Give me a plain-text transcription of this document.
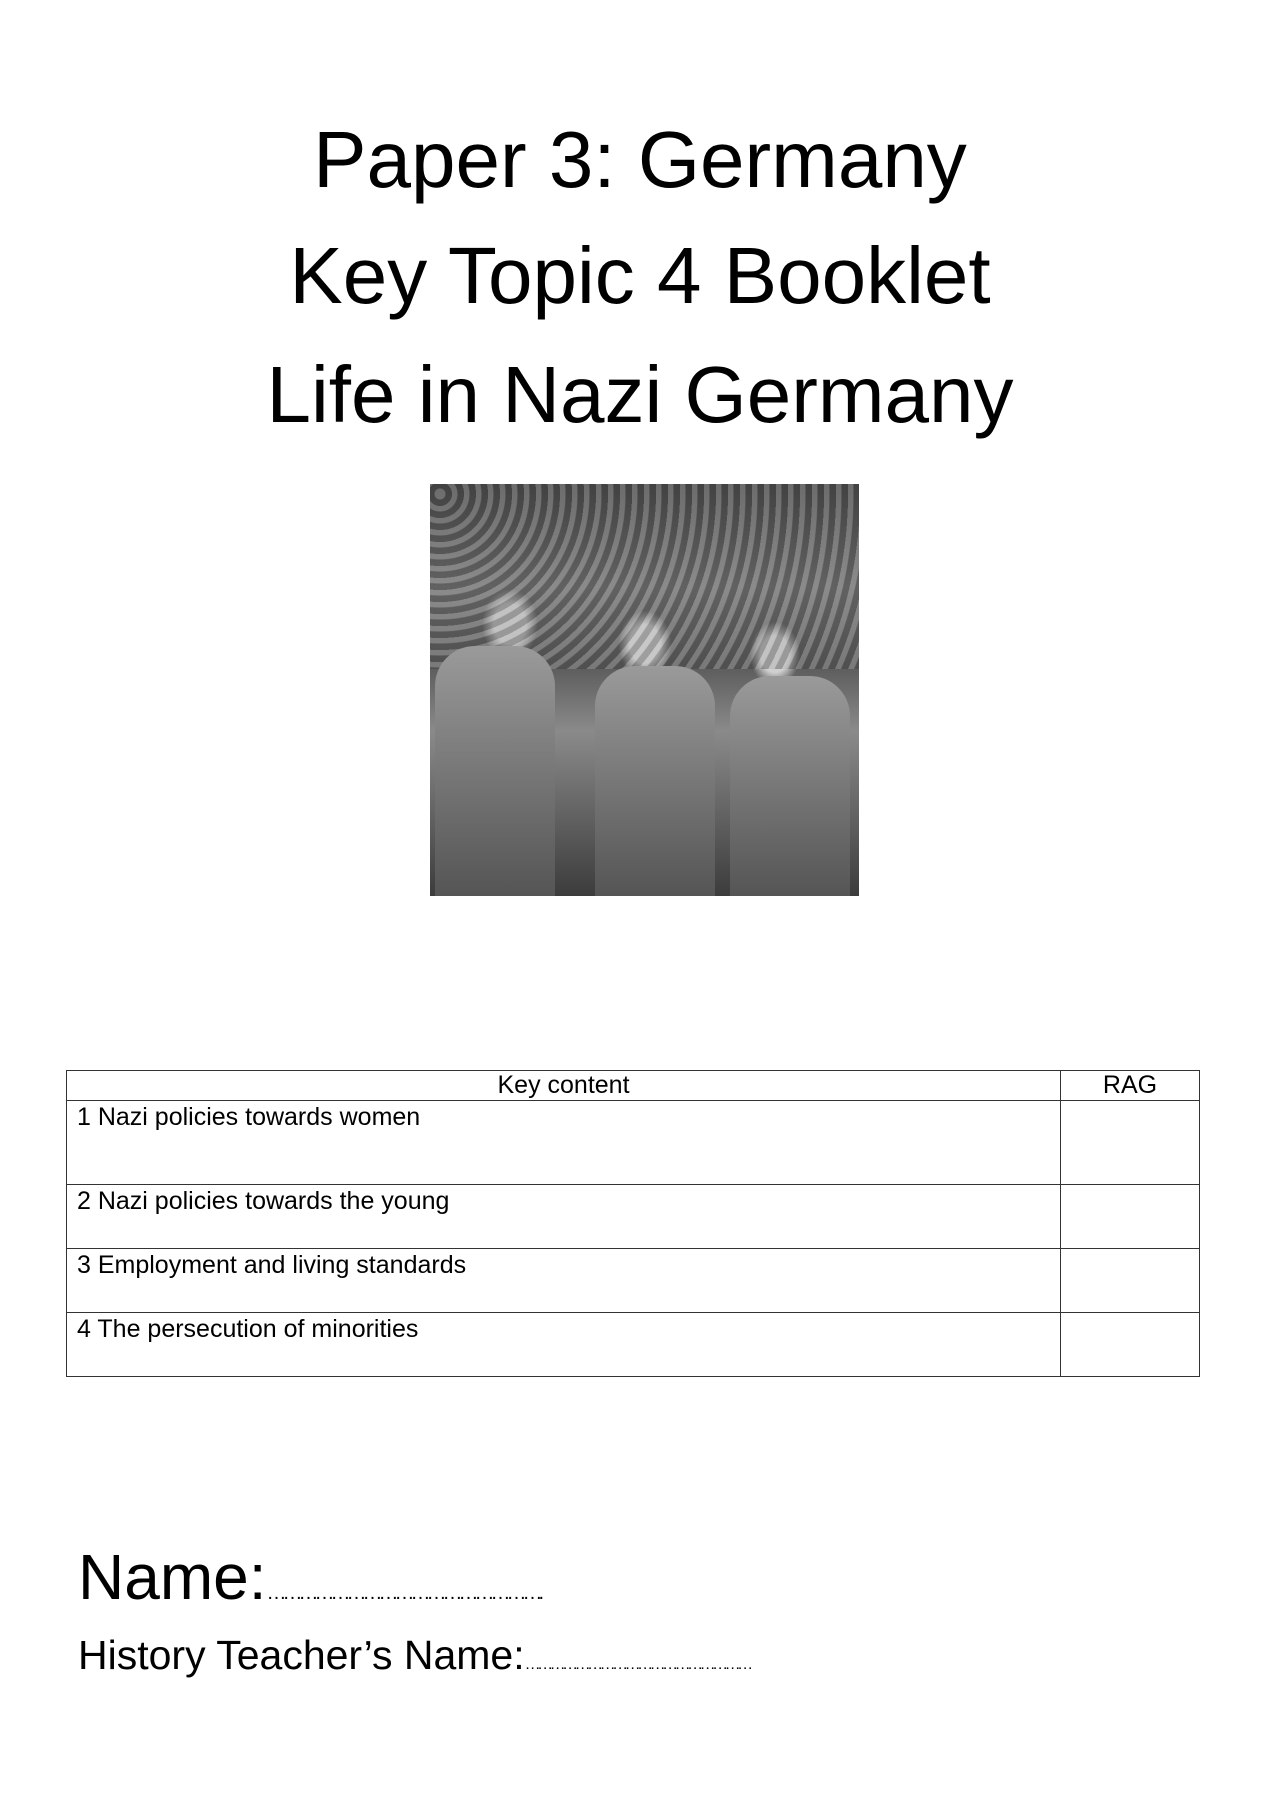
Paper 3: Germany
Key Topic 4 Booklet
Life in Nazi Germany
Key content	RAG
1 Nazi policies towards women	
2 Nazi policies towards the young	
3 Employment and living standards	
4 The persecution of minorities	
Name:…………………………………………….
History Teacher’s Name:………………………………………………
